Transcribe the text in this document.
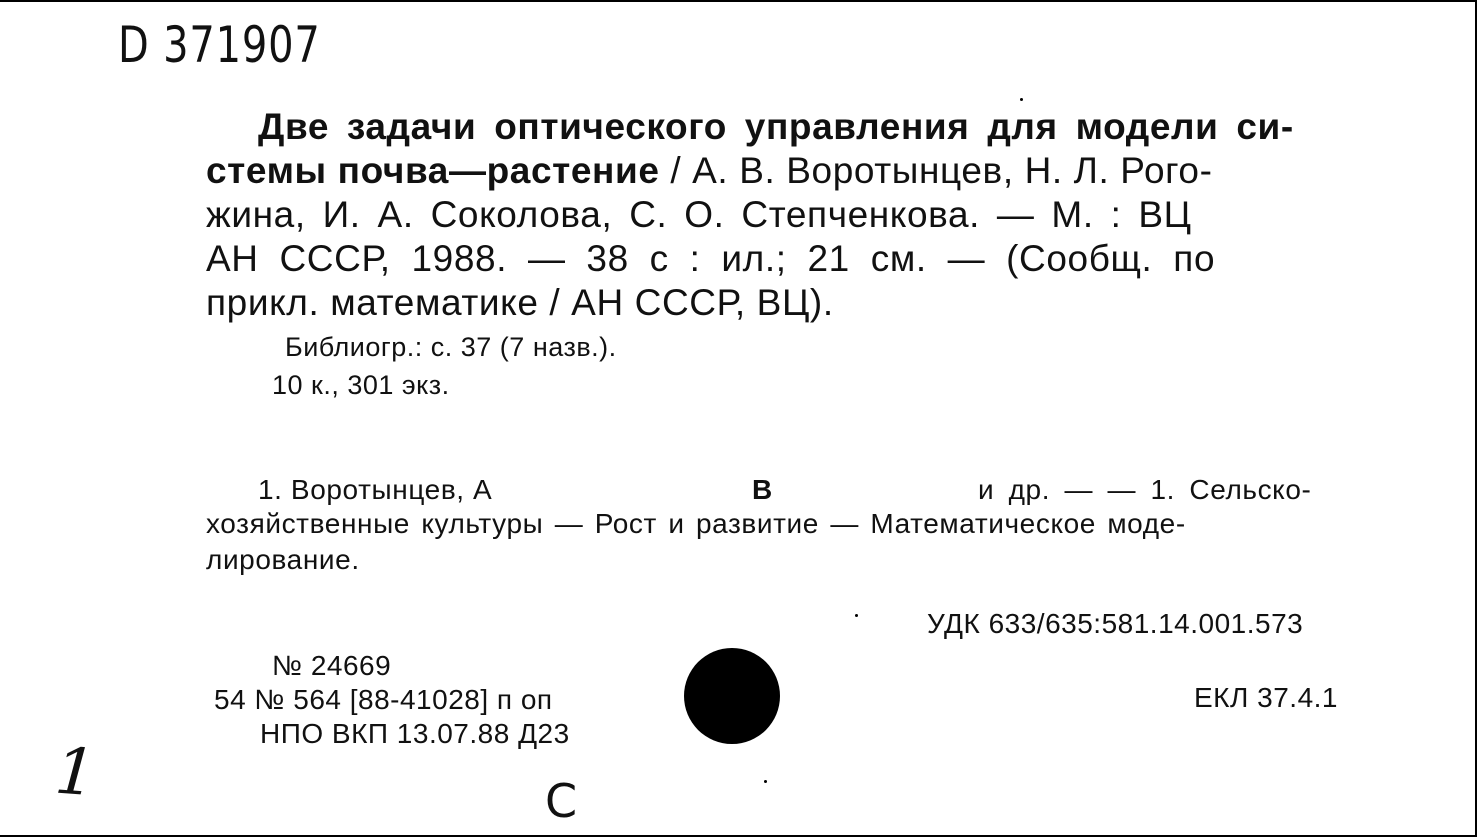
D 371907
Две задачи оптического управления для модели си-
стемы почва—растение / А. В. Воротынцев, Н. Л. Рого-
жина, И. А. Соколова, С. О. Степченкова. — М. : ВЦ
АН СССР, 1988. — 38 с : ил.; 21 см. — (Сообщ. по
прикл. математике / АН СССР, ВЦ).
Библиогр.: с. 37 (7 назв.).
10 к., 301 экз.
1. Воротынцев, А	В	и др. — — 1. Сельско-
хозяйственные культуры — Рост и развитие — Математическое моде-
лирование.
УДК 633/635:581.14.001.573
ЕКЛ 37.4.1
№ 24669
54 № 564 [88-41028] п оп
НПО ВКП 13.07.88 Д23
1	С
